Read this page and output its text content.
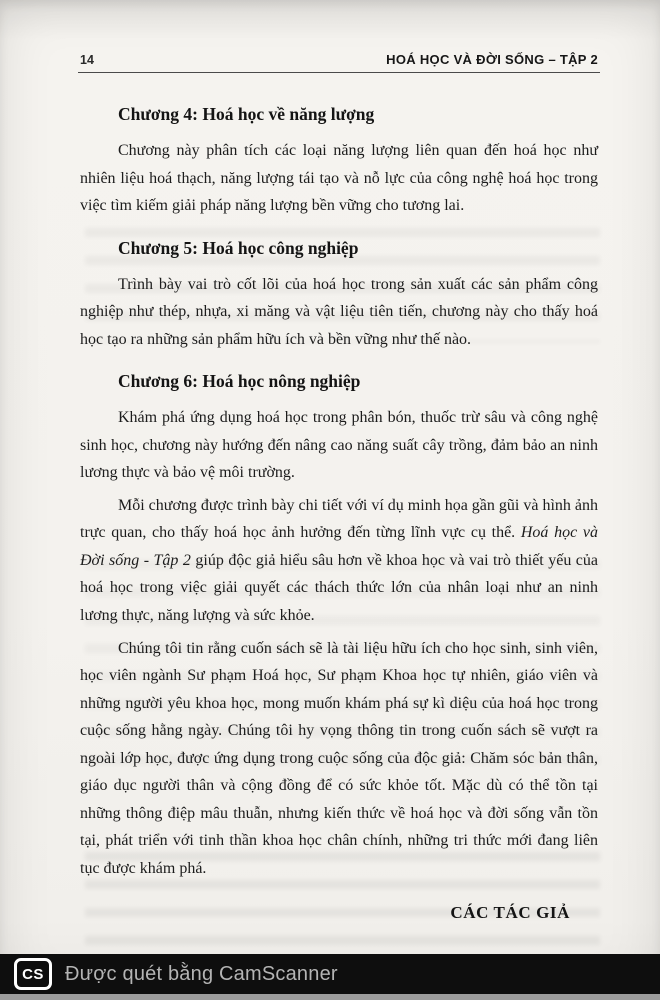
14	HOÁ HỌC VÀ ĐỜI SỐNG – TẬP 2
Chương 4: Hoá học về năng lượng

Chương này phân tích các loại năng lượng liên quan đến hoá học như nhiên liệu hoá thạch, năng lượng tái tạo và nỗ lực của công nghệ hoá học trong việc tìm kiếm giải pháp năng lượng bền vững cho tương lai.

Chương 5: Hoá học công nghiệp

Trình bày vai trò cốt lõi của hoá học trong sản xuất các sản phẩm công nghiệp như thép, nhựa, xi măng và vật liệu tiên tiến, chương này cho thấy hoá học tạo ra những sản phẩm hữu ích và bền vững như thế nào.

Chương 6: Hoá học nông nghiệp

Khám phá ứng dụng hoá học trong phân bón, thuốc trừ sâu và công nghệ sinh học, chương này hướng đến nâng cao năng suất cây trồng, đảm bảo an ninh lương thực và bảo vệ môi trường.

Mỗi chương được trình bày chi tiết với ví dụ minh họa gần gũi và hình ảnh trực quan, cho thấy hoá học ảnh hưởng đến từng lĩnh vực cụ thể. Hoá học và Đời sống - Tập 2 giúp độc giả hiểu sâu hơn về khoa học và vai trò thiết yếu của hoá học trong việc giải quyết các thách thức lớn của nhân loại như an ninh lương thực, năng lượng và sức khỏe.

Chúng tôi tin rằng cuốn sách sẽ là tài liệu hữu ích cho học sinh, sinh viên, học viên ngành Sư phạm Hoá học, Sư phạm Khoa học tự nhiên, giáo viên và những người yêu khoa học, mong muốn khám phá sự kì diệu của hoá học trong cuộc sống hằng ngày. Chúng tôi hy vọng thông tin trong cuốn sách sẽ vượt ra ngoài lớp học, được ứng dụng trong cuộc sống của độc giả: Chăm sóc bản thân, giáo dục người thân và cộng đồng để có sức khỏe tốt. Mặc dù có thể tồn tại những thông điệp mâu thuẫn, nhưng kiến thức về hoá học và đời sống vẫn tồn tại, phát triển với tinh thần khoa học chân chính, những tri thức mới đang liên tục được khám phá.

CÁC TÁC GIẢ
CS	Được quét bằng CamScanner
